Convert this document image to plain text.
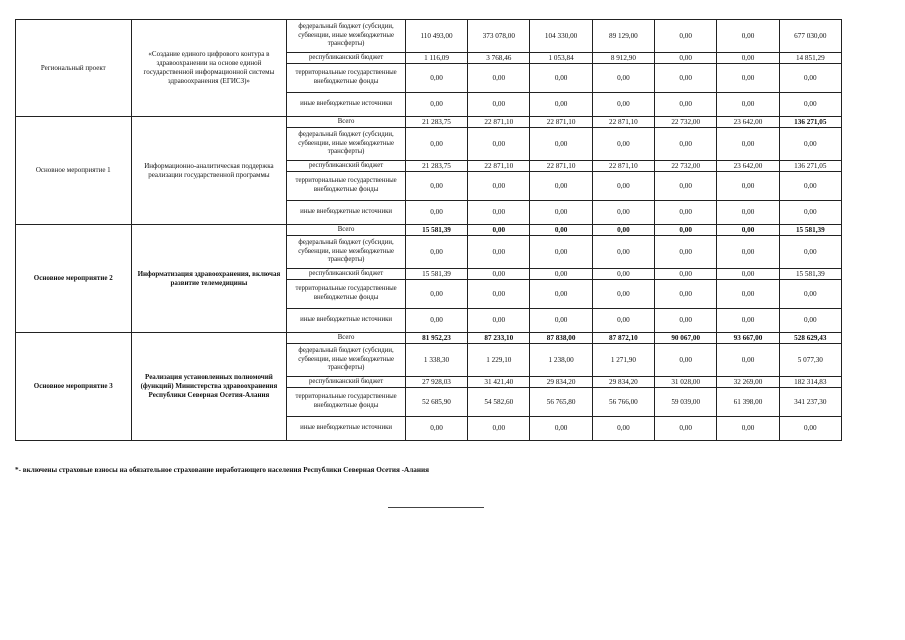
Региональный проект	«Создание единого цифрового контура в здравоохранении на основе единой государственной информационной системы здравоохранения (ЕГИСЗ)»	федеральный бюджет (субсидии, субвенции, иные межбюджетные трансферты)	110 493,00	373 078,00	104 330,00	89 129,00	0,00	0,00	677 030,00
		республиканский бюджет	1 116,09	3 768,46	1 053,84	8 912,90	0,00	0,00	14 851,29
		территориальные государственные внебюджетные фонды	0,00	0,00	0,00	0,00	0,00	0,00	0,00
		иные внебюджетные источники	0,00	0,00	0,00	0,00	0,00	0,00	0,00
Основное мероприятие 1	Информационно-аналитическая поддержка реализации государственной программы	Всего	21 283,75	22 871,10	22 871,10	22 871,10	22 732,00	23 642,00	136 271,05
		федеральный бюджет (субсидии, субвенции, иные межбюджетные трансферты)	0,00	0,00	0,00	0,00	0,00	0,00	0,00
		республиканский бюджет	21 283,75	22 871,10	22 871,10	22 871,10	22 732,00	23 642,00	136 271,05
		территориальные государственные внебюджетные фонды	0,00	0,00	0,00	0,00	0,00	0,00	0,00
		иные внебюджетные источники	0,00	0,00	0,00	0,00	0,00	0,00	0,00
Основное мероприятие 2	Информатизация здравоохранения, включая развитие телемедицины	Всего	15 581,39	0,00	0,00	0,00	0,00	0,00	15 581,39
		федеральный бюджет (субсидии, субвенции, иные межбюджетные трансферты)	0,00	0,00	0,00	0,00	0,00	0,00	0,00
		республиканский бюджет	15 581,39	0,00	0,00	0,00	0,00	0,00	15 581,39
		территориальные государственные внебюджетные фонды	0,00	0,00	0,00	0,00	0,00	0,00	0,00
		иные внебюджетные источники	0,00	0,00	0,00	0,00	0,00	0,00	0,00
Основное мероприятие 3	Реализация установленных полномочий (функций) Министерства здравоохранения Республики Северная Осетия-Алания	Всего	81 952,23	87 233,10	87 838,00	87 872,10	90 067,00	93 667,00	528 629,43
		федеральный бюджет (субсидии, субвенции, иные межбюджетные трансферты)	1 338,30	1 229,10	1 238,00	1 271,90	0,00	0,00	5 077,30
		республиканский бюджет	27 928,03	31 421,40	29 834,20	29 834,20	31 028,00	32 269,00	182 314,83
		территориальные государственные внебюджетные фонды	52 685,90	54 582,60	56 765,80	56 766,00	59 039,00	61 398,00	341 237,30
		иные внебюджетные источники	0,00	0,00	0,00	0,00	0,00	0,00	0,00
*- включены страховые взносы на обязательное страхование неработающего населения Республики Северная Осетия -Алания
